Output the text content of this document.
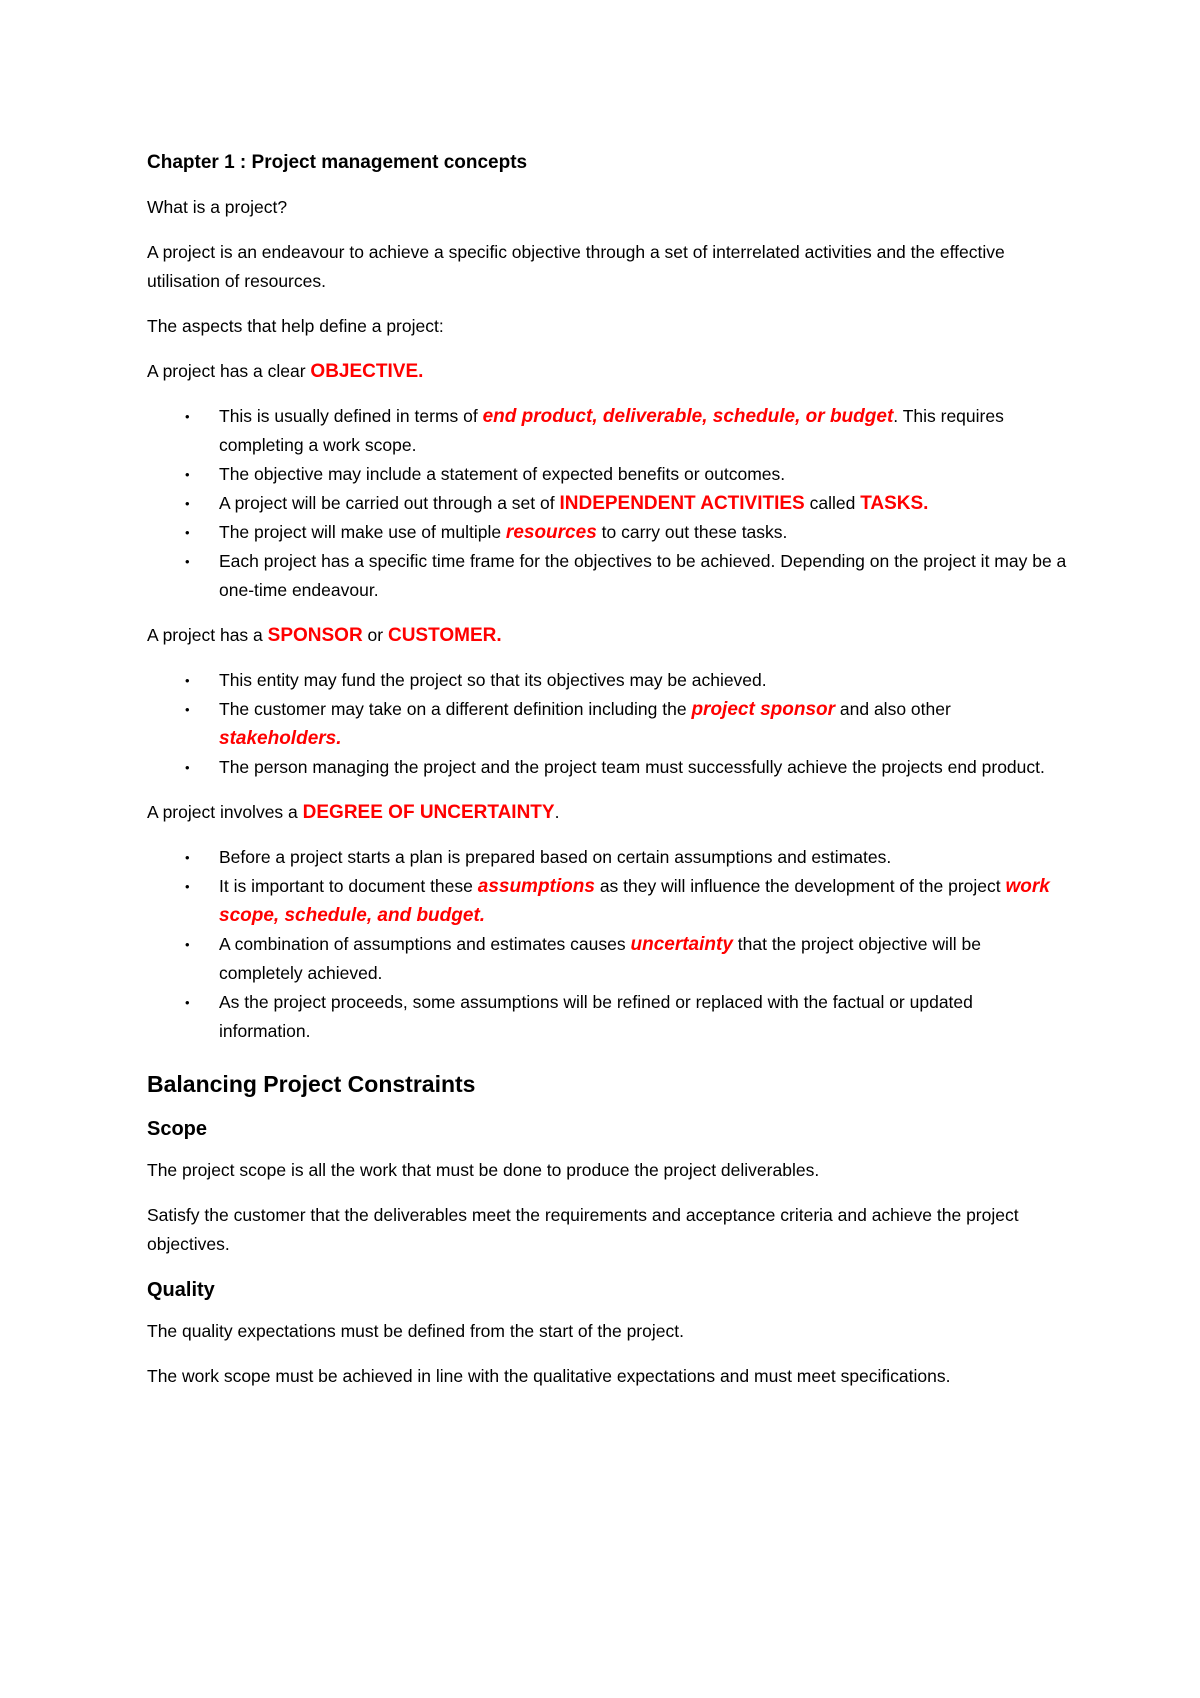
Chapter 1 : Project management concepts

What is a project?

A project is an endeavour to achieve a specific objective through a set of interrelated activities and the effective utilisation of resources.

The aspects that help define a project:

A project has a clear OBJECTIVE.

• This is usually defined in terms of end product, deliverable, schedule, or budget. This requires completing a work scope.
• The objective may include a statement of expected benefits or outcomes.
• A project will be carried out through a set of INDEPENDENT ACTIVITIES called TASKS.
• The project will make use of multiple resources to carry out these tasks.
• Each project has a specific time frame for the objectives to be achieved. Depending on the project it may be a one-time endeavour.

A project has a SPONSOR or CUSTOMER.

• This entity may fund the project so that its objectives may be achieved.
• The customer may take on a different definition including the project sponsor and also other stakeholders.
• The person managing the project and the project team must successfully achieve the projects end product.

A project involves a DEGREE OF UNCERTAINTY.

• Before a project starts a plan is prepared based on certain assumptions and estimates.
• It is important to document these assumptions as they will influence the development of the project work scope, schedule, and budget.
• A combination of assumptions and estimates causes uncertainty that the project objective will be completely achieved.
• As the project proceeds, some assumptions will be refined or replaced with the factual or updated information.
Balancing Project Constraints
Scope

The project scope is all the work that must be done to produce the project deliverables.

Satisfy the customer that the deliverables meet the requirements and acceptance criteria and achieve the project objectives.

Quality

The quality expectations must be defined from the start of the project.

The work scope must be achieved in line with the qualitative expectations and must meet specifications.
